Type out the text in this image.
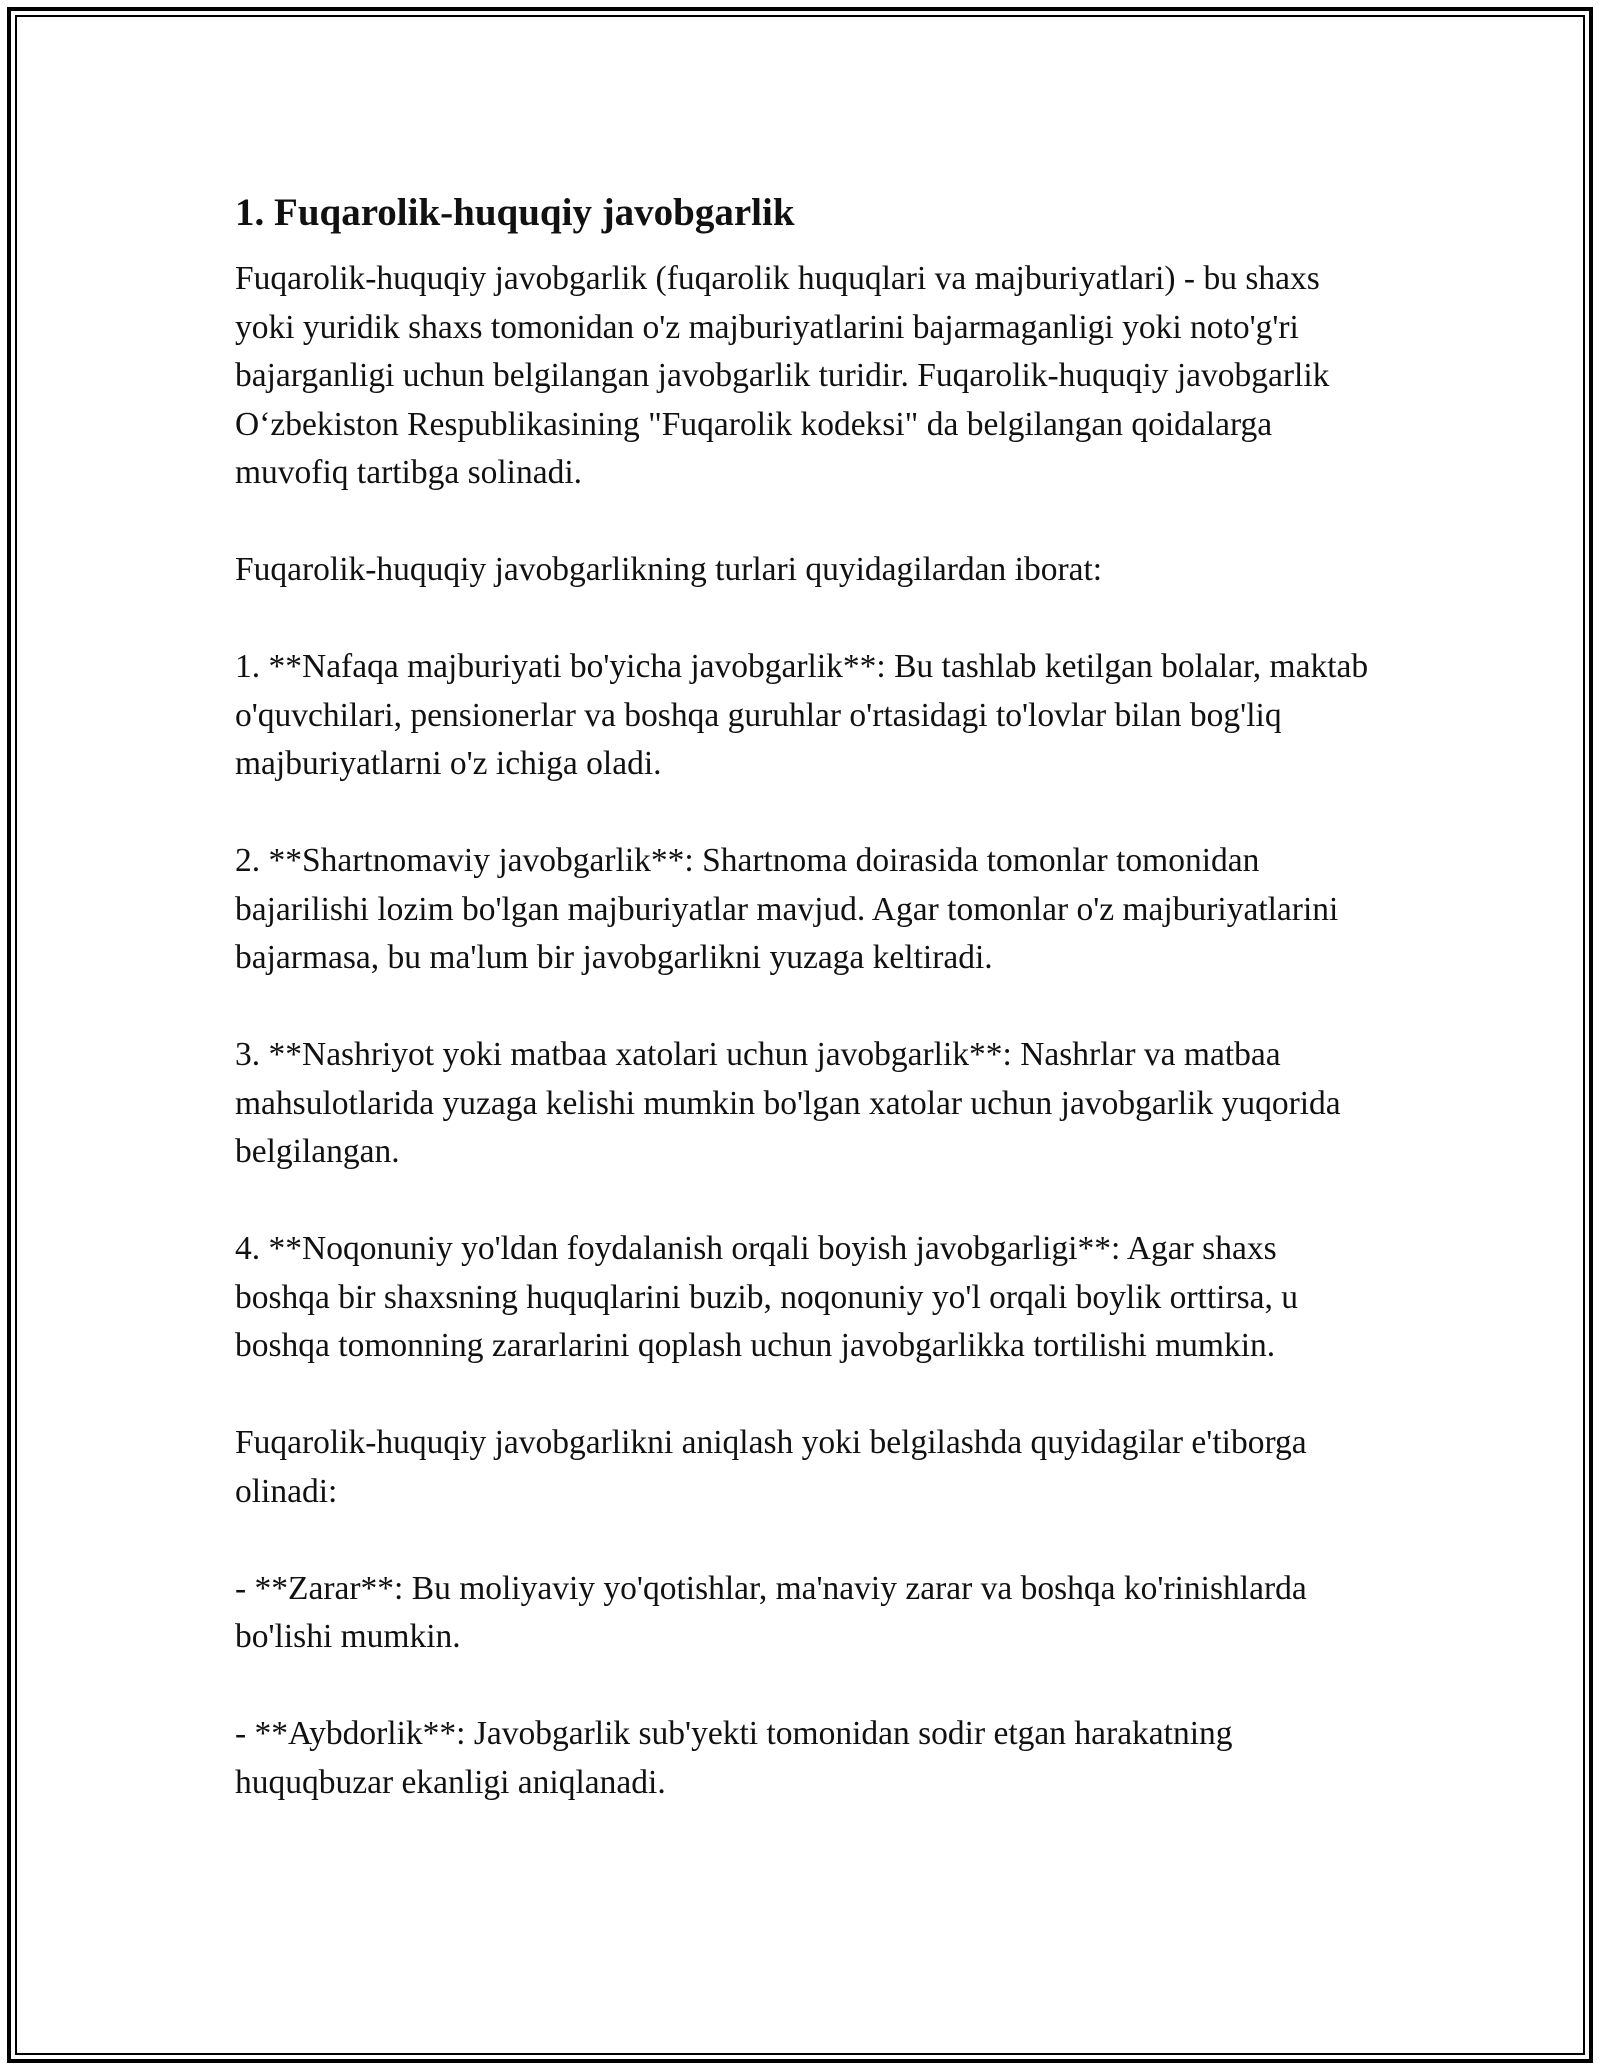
1. Fuqarolik-huquqiy javobgarlik

Fuqarolik-huquqiy javobgarlik (fuqarolik huquqlari va majburiyatlari) - bu shaxs yoki yuridik shaxs tomonidan o'z majburiyatlarini bajarmaganligi yoki noto'g'ri bajarganligi uchun belgilangan javobgarlik turidir. Fuqarolik-huquqiy javobgarlik O‘zbekiston Respublikasining "Fuqarolik kodeksi" da belgilangan qoidalarga muvofiq tartibga solinadi.

Fuqarolik-huquqiy javobgarlikning turlari quyidagilardan iborat:

1. **Nafaqa majburiyati bo'yicha javobgarlik**: Bu tashlab ketilgan bolalar, maktab o'quvchilari, pensionerlar va boshqa guruhlar o'rtasidagi to'lovlar bilan bog'liq majburiyatlarni o'z ichiga oladi.

2. **Shartnomaviy javobgarlik**: Shartnoma doirasida tomonlar tomonidan bajarilishi lozim bo'lgan majburiyatlar mavjud. Agar tomonlar o'z majburiyatlarini bajarmasa, bu ma'lum bir javobgarlikni yuzaga keltiradi.

3. **Nashriyot yoki matbaa xatolari uchun javobgarlik**: Nashrlar va matbaa mahsulotlarida yuzaga kelishi mumkin bo'lgan xatolar uchun javobgarlik yuqorida belgilangan.

4. **Noqonuniy yo'ldan foydalanish orqali boyish javobgarligi**: Agar shaxs boshqa bir shaxsning huquqlarini buzib, noqonuniy yo'l orqali boylik orttirsa, u boshqa tomonning zararlarini qoplash uchun javobgarlikka tortilishi mumkin.

Fuqarolik-huquqiy javobgarlikni aniqlash yoki belgilashda quyidagilar e'tiborga olinadi:

- **Zarar**: Bu moliyaviy yo'qotishlar, ma'naviy zarar va boshqa ko'rinishlarda bo'lishi mumkin.

- **Aybdorlik**: Javobgarlik sub'yekti tomonidan sodir etgan harakatning huquqbuzar ekanligi aniqlanadi.
